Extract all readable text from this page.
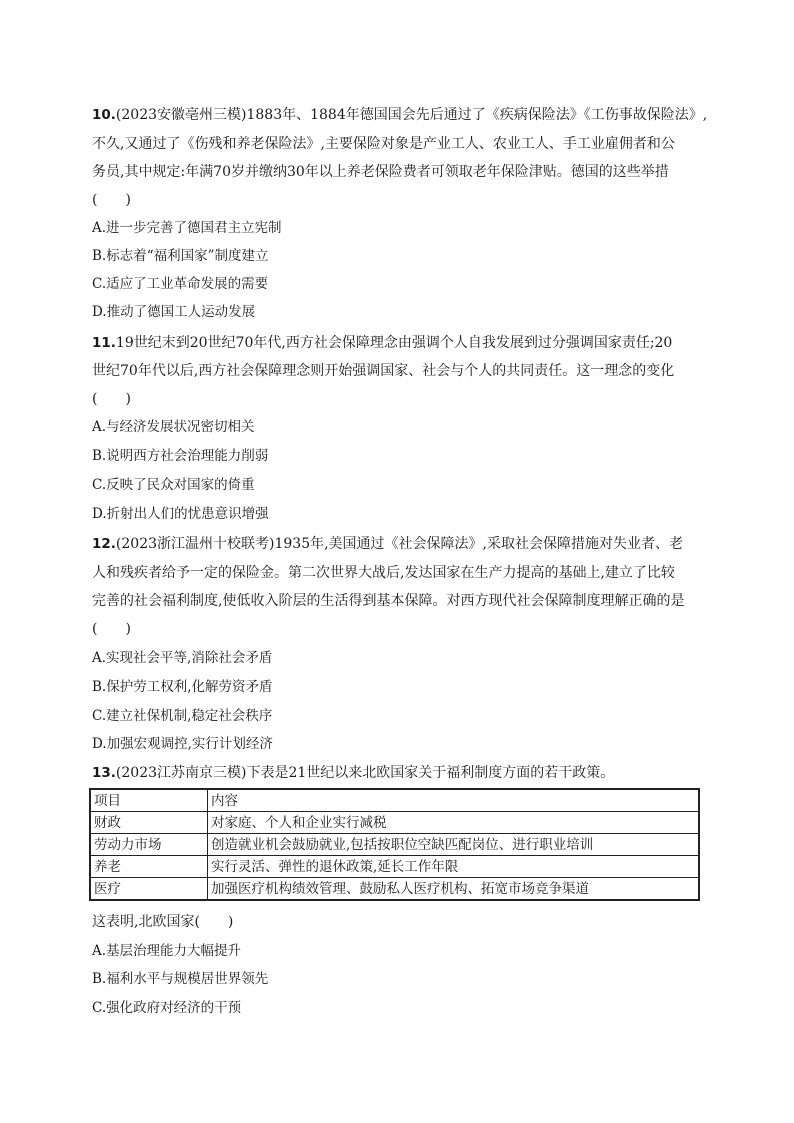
10.(2023安徽亳州三模)1883年、1884年德国国会先后通过了《疾病保险法》《工伤事故保险法》,
不久,又通过了《伤残和养老保险法》,主要保险对象是产业工人、农业工人、手工业雇佣者和公
务员,其中规定:年满70岁并缴纳30年以上养老保险费者可领取老年保险津贴。德国的这些举措
(　　)
A.进一步完善了德国君主立宪制
B.标志着“福利国家”制度建立
C.适应了工业革命发展的需要
D.推动了德国工人运动发展
11.19世纪末到20世纪70年代,西方社会保障理念由强调个人自我发展到过分强调国家责任;20
世纪70年代以后,西方社会保障理念则开始强调国家、社会与个人的共同责任。这一理念的变化
(　　)
A.与经济发展状况密切相关
B.说明西方社会治理能力削弱
C.反映了民众对国家的倚重
D.折射出人们的忧患意识增强
12.(2023浙江温州十校联考)1935年,美国通过《社会保障法》,采取社会保障措施对失业者、老
人和残疾者给予一定的保险金。第二次世界大战后,发达国家在生产力提高的基础上,建立了比较
完善的社会福利制度,使低收入阶层的生活得到基本保障。对西方现代社会保障制度理解正确的是
(　　)
A.实现社会平等,消除社会矛盾
B.保护劳工权利,化解劳资矛盾
C.建立社保机制,稳定社会秩序
D.加强宏观调控,实行计划经济
13.(2023江苏南京三模)下表是21世纪以来北欧国家关于福利制度方面的若干政策。
项目	内容
财政	对家庭、个人和企业实行减税
劳动力市场	创造就业机会鼓励就业,包括按职位空缺匹配岗位、进行职业培训
养老	实行灵活、弹性的退休政策,延长工作年限
医疗	加强医疗机构绩效管理、鼓励私人医疗机构、拓宽市场竞争渠道
这表明,北欧国家(　　)
A.基层治理能力大幅提升
B.福利水平与规模居世界领先
C.强化政府对经济的干预
